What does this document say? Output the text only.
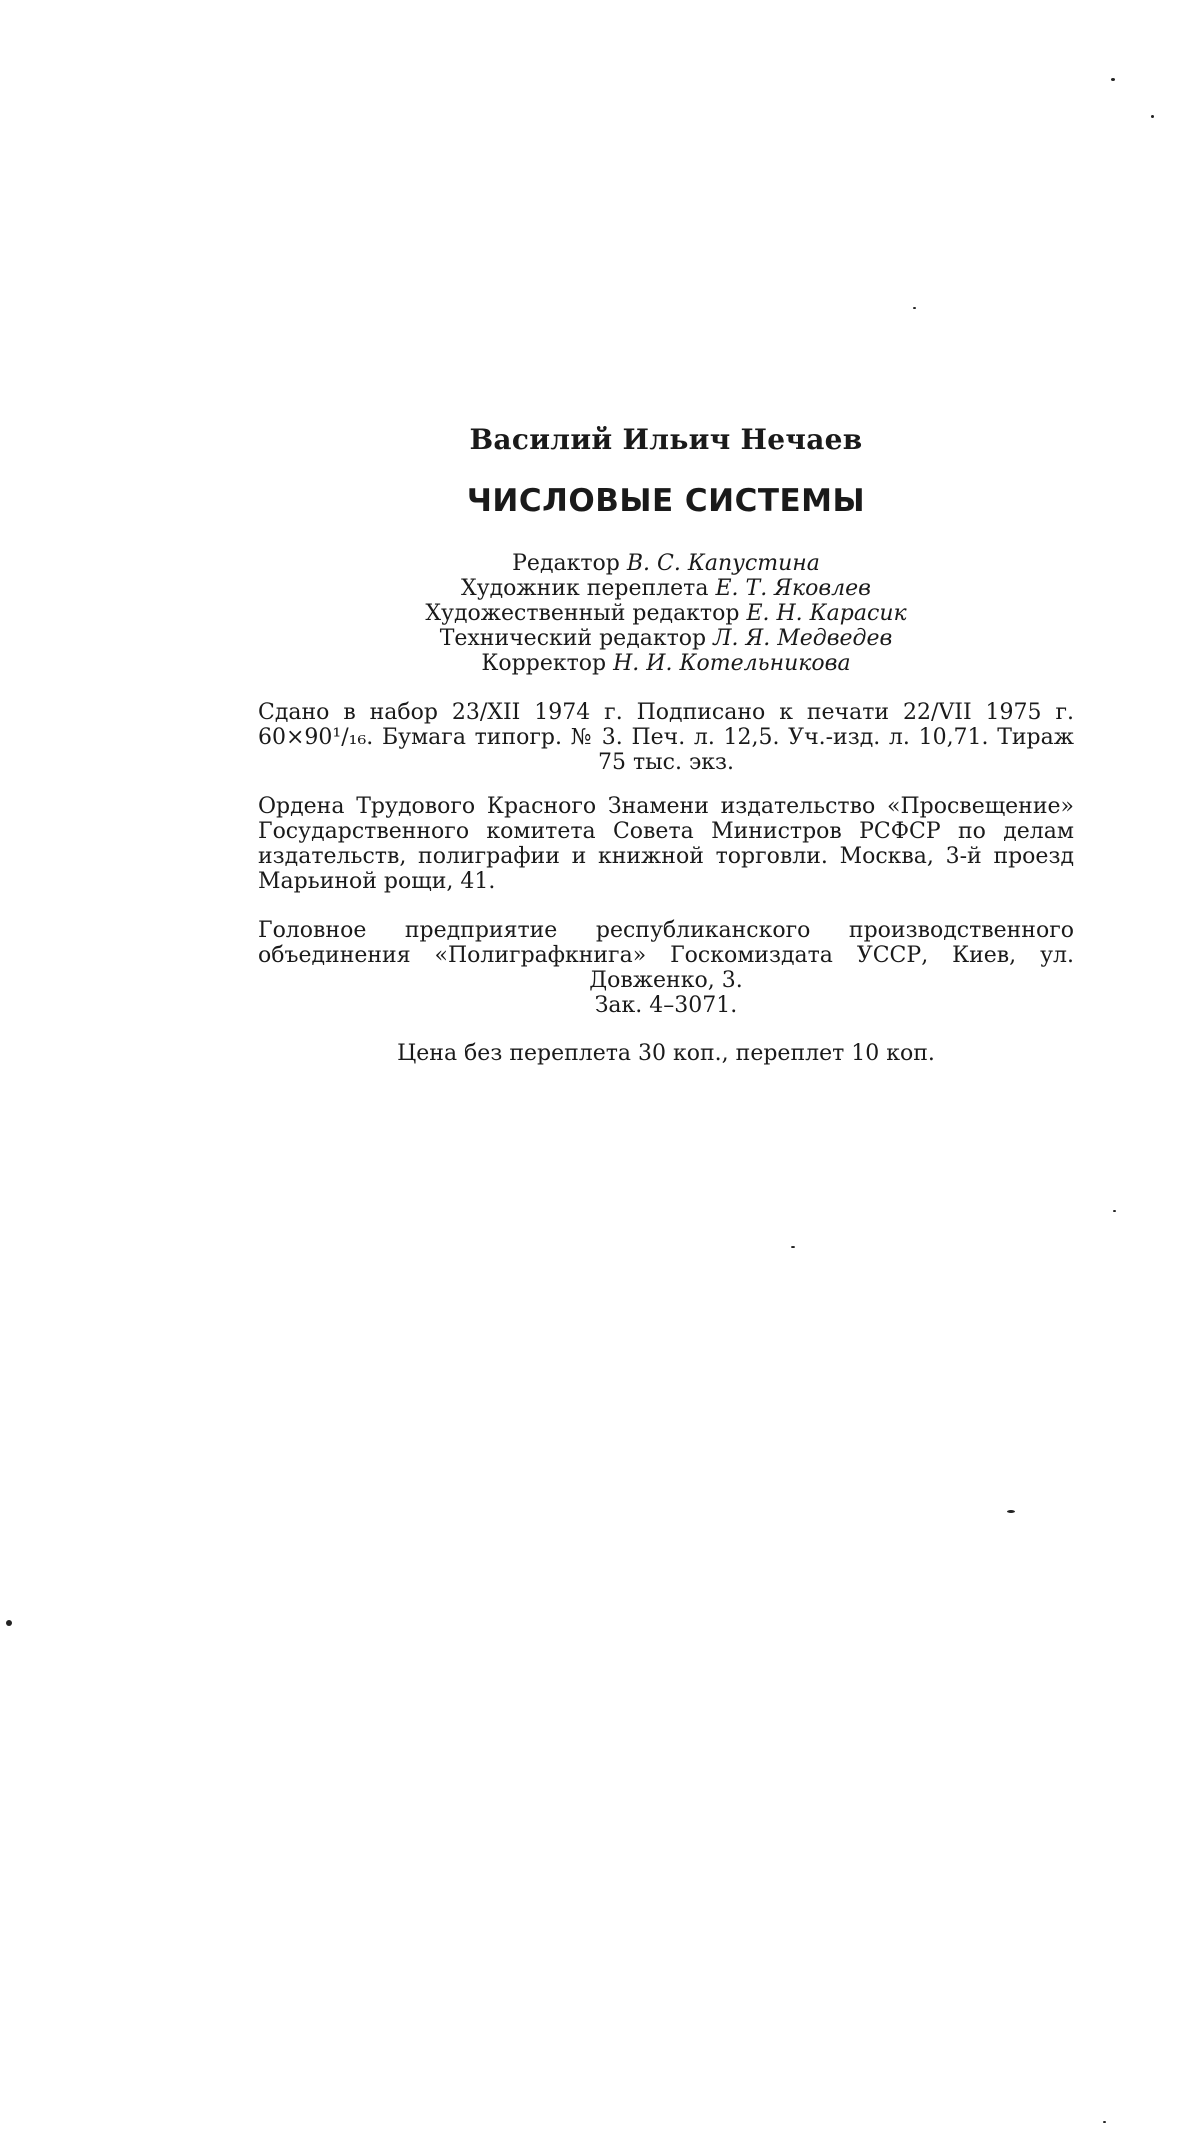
Василий Ильич Нечаев
ЧИСЛОВЫЕ СИСТЕМЫ
Редактор В. С. Капустина
Художник переплета Е. Т. Яковлев
Художественный редактор Е. Н. Карасик
Технический редактор Л. Я. Медведев
Корректор Н. И. Котельникова
Сдано в набор 23/XII 1974 г. Подписано к печати 22/VII 1975 г. 60×90¹/₁₆. Бумага типогр. № 3. Печ. л. 12,5. Уч.-изд. л. 10,71. Тираж 75 тыс. экз.
Ордена Трудового Красного Знамени издательство «Просвещение» Государственного комитета Совета Министров РСФСР по делам издательств, полиграфии и книжной торговли. Москва, 3-й проезд Марьиной рощи, 41.
Головное предприятие республиканского производственного объединения «Полиграфкнига» Госкомиздата УССР, Киев, ул. Довженко, 3.
Зак. 4–3071.
Цена без переплета 30 коп., переплет 10 коп.
